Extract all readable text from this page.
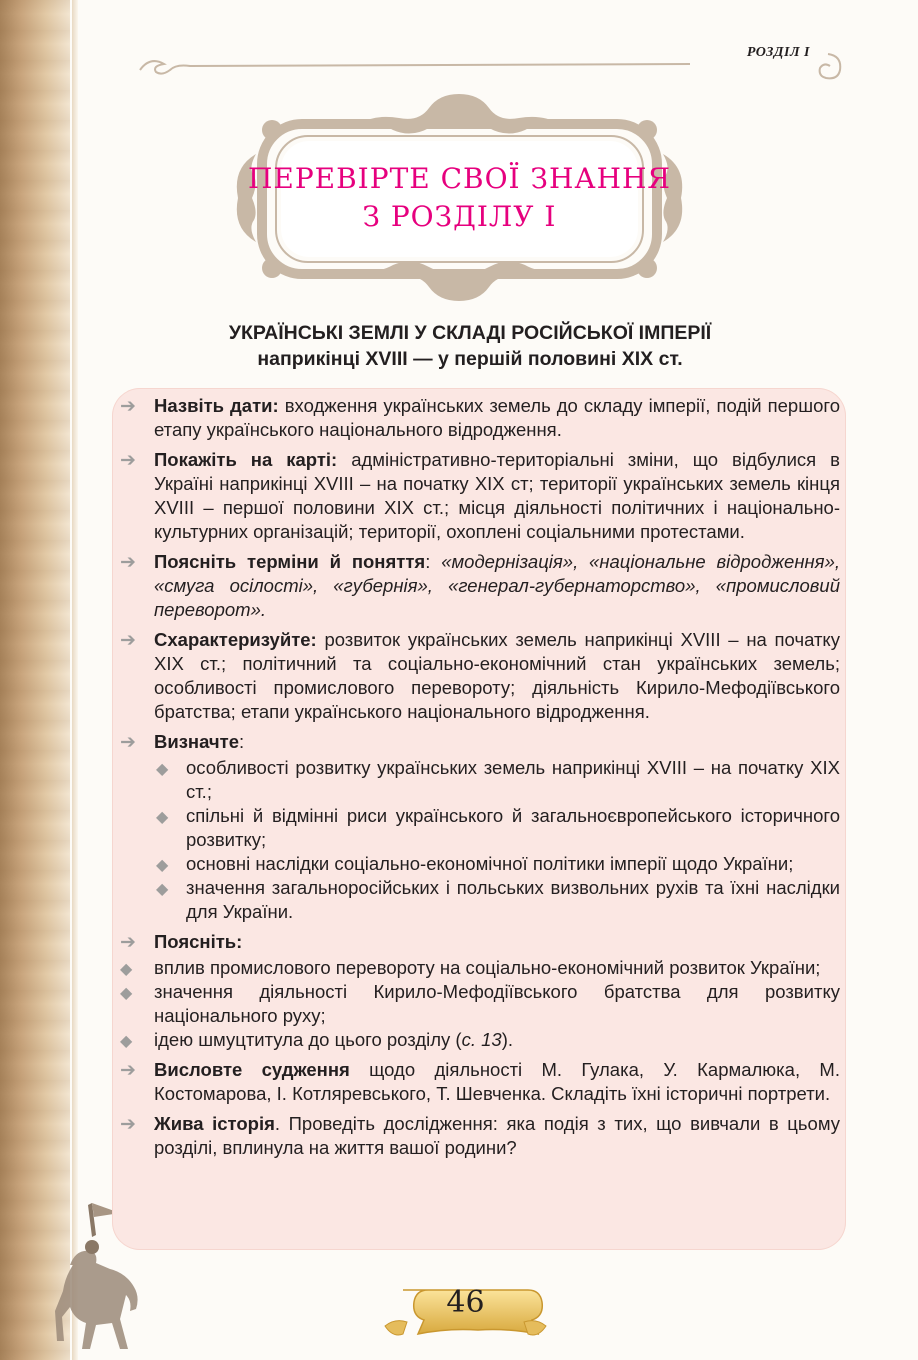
РОЗДІЛ І
ПЕРЕВІРТЕ СВОЇ ЗНАННЯ
З РОЗДІЛУ І
УКРАЇНСЬКІ ЗЕМЛІ У СКЛАДІ РОСІЙСЬКОЇ ІМПЕРІЇ
наприкінці XVIII — у першій половині XIX ст.
➔ Назвіть дати: входження українських земель до складу імперії, подій першого етапу українського національного відродження.
➔ Покажіть на карті: адміністративно-територіальні зміни, що відбулися в Україні наприкінці XVIII – на початку XIX ст; території українських земель кінця XVIII – першої половини XIX ст.; місця діяльності політичних і національно-культурних організацій; території, охоплені соціальними протестами.
➔ Поясніть терміни й поняття: «модернізація», «національне відродження», «смуга осілості», «губернія», «генерал-губернаторство», «промисловий переворот».
➔ Схарактеризуйте: розвиток українських земель наприкінці XVIII – на початку XIX ст.; політичний та соціально-економічний стан українських земель; особливості промислового перевороту; діяльність Кирило-Мефодіївського братства; етапи українського національного відродження.
➔ Визначте:
◆ особливості розвитку українських земель наприкінці XVIII – на початку XIX ст.;
◆ спільні й відмінні риси українського й загальноєвропейського історичного розвитку;
◆ основні наслідки соціально-економічної політики імперії щодо України;
◆ значення загальноросійських і польських визвольних рухів та їхні наслідки для України.
➔ Поясніть:
◆ вплив промислового перевороту на соціально-економічний розвиток України;
◆ значення діяльності Кирило-Мефодіївського братства для розвитку національного руху;
◆ ідею шмуцтитула до цього розділу (с. 13).
➔ Висловте судження щодо діяльності М. Гулака, У. Кармалюка, М. Костомарова, І. Котляревського, Т. Шевченка. Складіть їхні історичні портрети.
➔ Жива історія. Проведіть дослідження: яка подія з тих, що вивчали в цьому розділі, вплинула на життя вашої родини?
46
